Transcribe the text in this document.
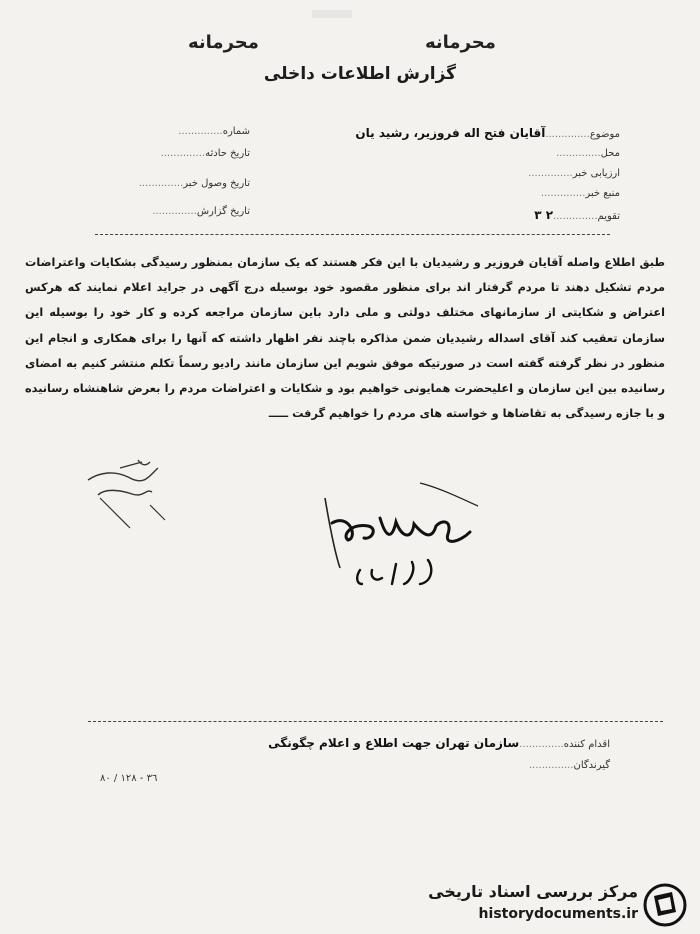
محرمانه	محرمانه
گزارش اطلاعات داخلی
موضوع..............آقایان فتح اله فروزیر، رشید یان
محل..............
ارزیابی خبر..............
منبع خبر..............
تقویم..............٢ ٣
شماره..............
تاریخ حادثه..............
تاریخ وصول خبر..............
تاریخ گزارش..............
طبق اطلاع واصله آقایان فروزیر و رشیدیان با این فکر هستند که یک سازمان بمنظور رسیدگی بشکایات واعتراضات مردم تشکیل دهند تا مردم گرفتار اند برای منظور مقصود خود بوسیله درج آگهی در جراید اعلام نمایند که هرکس اعتراض و شکایتی از سازمانهای مختلف دولتی و ملی دارد باین سازمان مراجعه کرده و کار خود را بوسیله این سازمان تعقیب کند آقای اسداله رشیدیان ضمن مذاکره باچند نفر اظهار داشته که آنها را برای همکاری و انجام این منظور در نظر گرفته گفته است در صورتیکه موفق شویم این سازمان مانند رادیو رسماً تکلم منتشر کنیم به امضای رسانیده بین این سازمان و اعلیحضرت همایونی خواهیم بود و شکایات و اعتراضات مردم را بعرض شاهنشاه رسانیده و با جازه رسیدگی به تقاضاها و خواسته های مردم را خواهیم گرفت ـــــ
اقدام کننده..............سازمان تهران جهت اطلاع و اعلام چگونگی
گیرندگان..............
٣٦ - ١٢٨ / ٨٠
مرکز بررسی اسناد تاریخی
historydocuments.ir
